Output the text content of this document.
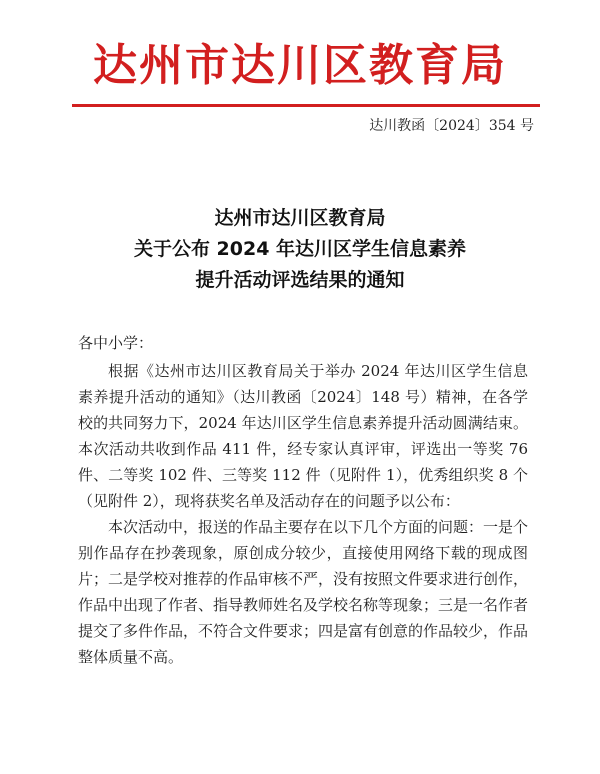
达州市达川区教育局
达川教函〔2024〕354 号
达州市达川区教育局
关于公布 2024 年达川区学生信息素养
提升活动评选结果的通知

各中小学：

根据《达州市达川区教育局关于举办 2024 年达川区学生信息素养提升活动的通知》（达川教函〔2024〕148 号）精神，在各学校的共同努力下，2024 年达川区学生信息素养提升活动圆满结束。本次活动共收到作品 411 件，经专家认真评审，评选出一等奖 76 件、二等奖 102 件、三等奖 112 件（见附件 1），优秀组织奖 8 个（见附件 2），现将获奖名单及活动存在的问题予以公布：

本次活动中，报送的作品主要存在以下几个方面的问题：一是个别作品存在抄袭现象，原创成分较少，直接使用网络下载的现成图片；二是学校对推荐的作品审核不严，没有按照文件要求进行创作，作品中出现了作者、指导教师姓名及学校名称等现象；三是一名作者提交了多件作品，不符合文件要求；四是富有创意的作品较少，作品整体质量不高。
